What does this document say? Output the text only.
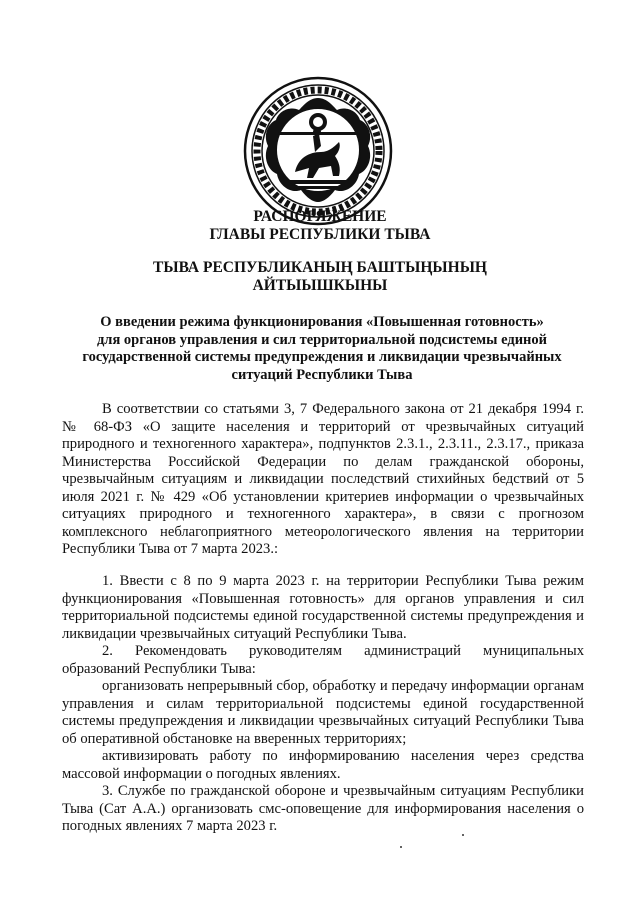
РАСПОРЯЖЕНИЕ
ГЛАВЫ РЕСПУБЛИКИ ТЫВА
ТЫВА РЕСПУБЛИКАНЫҢ БАШТЫҢЫНЫҢ
АЙТЫЫШКЫНЫ
О введении режима функционирования «Повышенная готовность»
для органов управления и сил территориальной подсистемы единой
государственной системы предупреждения и ликвидации чрезвычайных
ситуаций Республики Тыва

В соответствии со статьями 3, 7 Федерального закона от 21 декабря 1994 г. № 68-ФЗ «О защите населения и территорий от чрезвычайных ситуаций природного и техногенного характера», подпунктов 2.3.1., 2.3.11., 2.3.17., приказа Министерства Российской Федерации по делам гражданской обороны, чрезвычайным ситуациям и ликвидации последствий стихийных бедствий от 5 июля 2021 г. № 429 «Об установлении критериев информации о чрезвычайных ситуациях природного и техногенного характера», в связи с прогнозом комплексного неблагоприятного метеорологического явления на территории Республики Тыва от 7 марта 2023.:

1. Ввести с 8 по 9 марта 2023 г. на территории Республики Тыва режим функционирования «Повышенная готовность» для органов управления и сил территориальной подсистемы единой государственной системы предупреждения и ликвидации чрезвычайных ситуаций Республики Тыва.

2. Рекомендовать руководителям администраций муниципальных образований Республики Тыва:

организовать непрерывный сбор, обработку и передачу информации органам управления и силам территориальной подсистемы единой государственной системы предупреждения и ликвидации чрезвычайных ситуаций Республики Тыва об оперативной обстановке на вверенных территориях;

активизировать работу по информированию населения через средства массовой информации о погодных явлениях.

3. Службе по гражданской обороне и чрезвычайным ситуациям Республики Тыва (Сат А.А.) организовать смс-оповещение для информирования населения о погодных явлениях 7 марта 2023 г.
